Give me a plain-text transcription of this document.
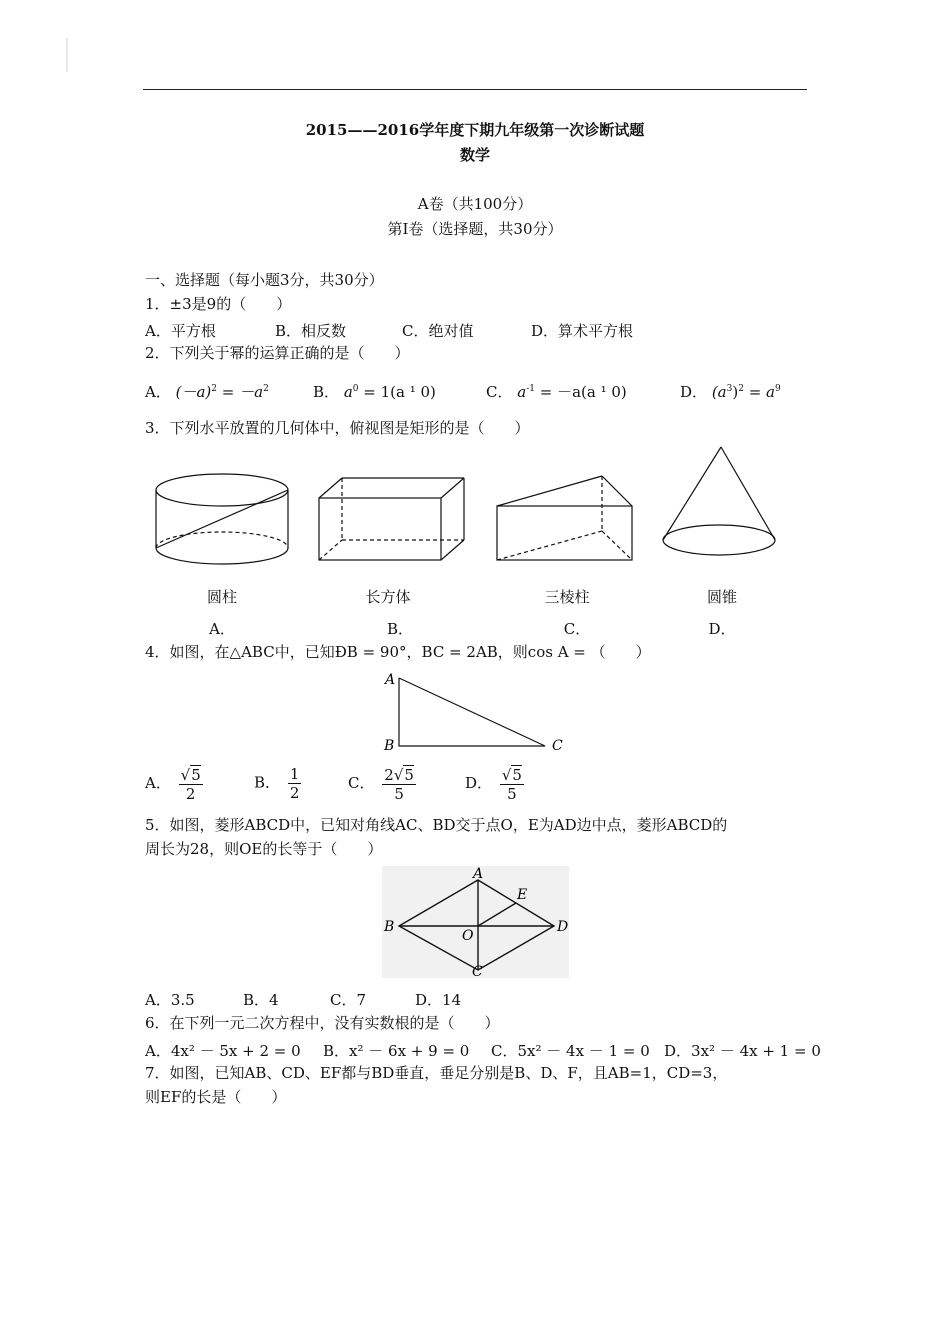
2015——2016学年度下期九年级第一次诊断试题
数学
A卷（共100分）
第Ⅰ卷（选择题，共30分）
一、选择题（每小题3分，共30分）
1．±3是9的（　　）
A．平方根	B．相反数	C．绝对值	D．算术平方根
2．下列关于幂的运算正确的是（　　）
A． $(-a)^2 = -a^2$	B． $a^0 = 1(a$ ¹ 0)	C． $a^{-1} = -a(a$ ¹ 0)	D． $(a^3)^2 = a^9$
3．下列水平放置的几何体中，俯视图是矩形的是（　　）
圆柱	长方体	三棱柱	圆锥
A．	B．	C．	D．
4．如图，在△ABC中，已知ÐB = 90°，BC = 2AB，则cos A = （　　）
A
B	C
A． $\frac{√5}{2}$	B． $\frac{1}{2}$	C． $\frac{2√5}{5}$	D． $\frac{√5}{5}$
5．如图，菱形ABCD中，已知对角线AC、BD交于点O，E为AD边中点，菱形ABCD的
周长为28，则OE的长等于（　　）
A
B
C
D
E
O
A．3.5	B．4	C．7	D．14
6．在下列一元二次方程中，没有实数根的是（　　）
A．4x² － 5x + 2 = 0 B．x² － 6x + 9 = 0 C．5x² － 4x － 1 = 0 D．3x² － 4x + 1 = 0
7．如图，已知AB、CD、EF都与BD垂直，垂足分别是B、D、F，且AB=1，CD=3，
则EF的长是（　　）
